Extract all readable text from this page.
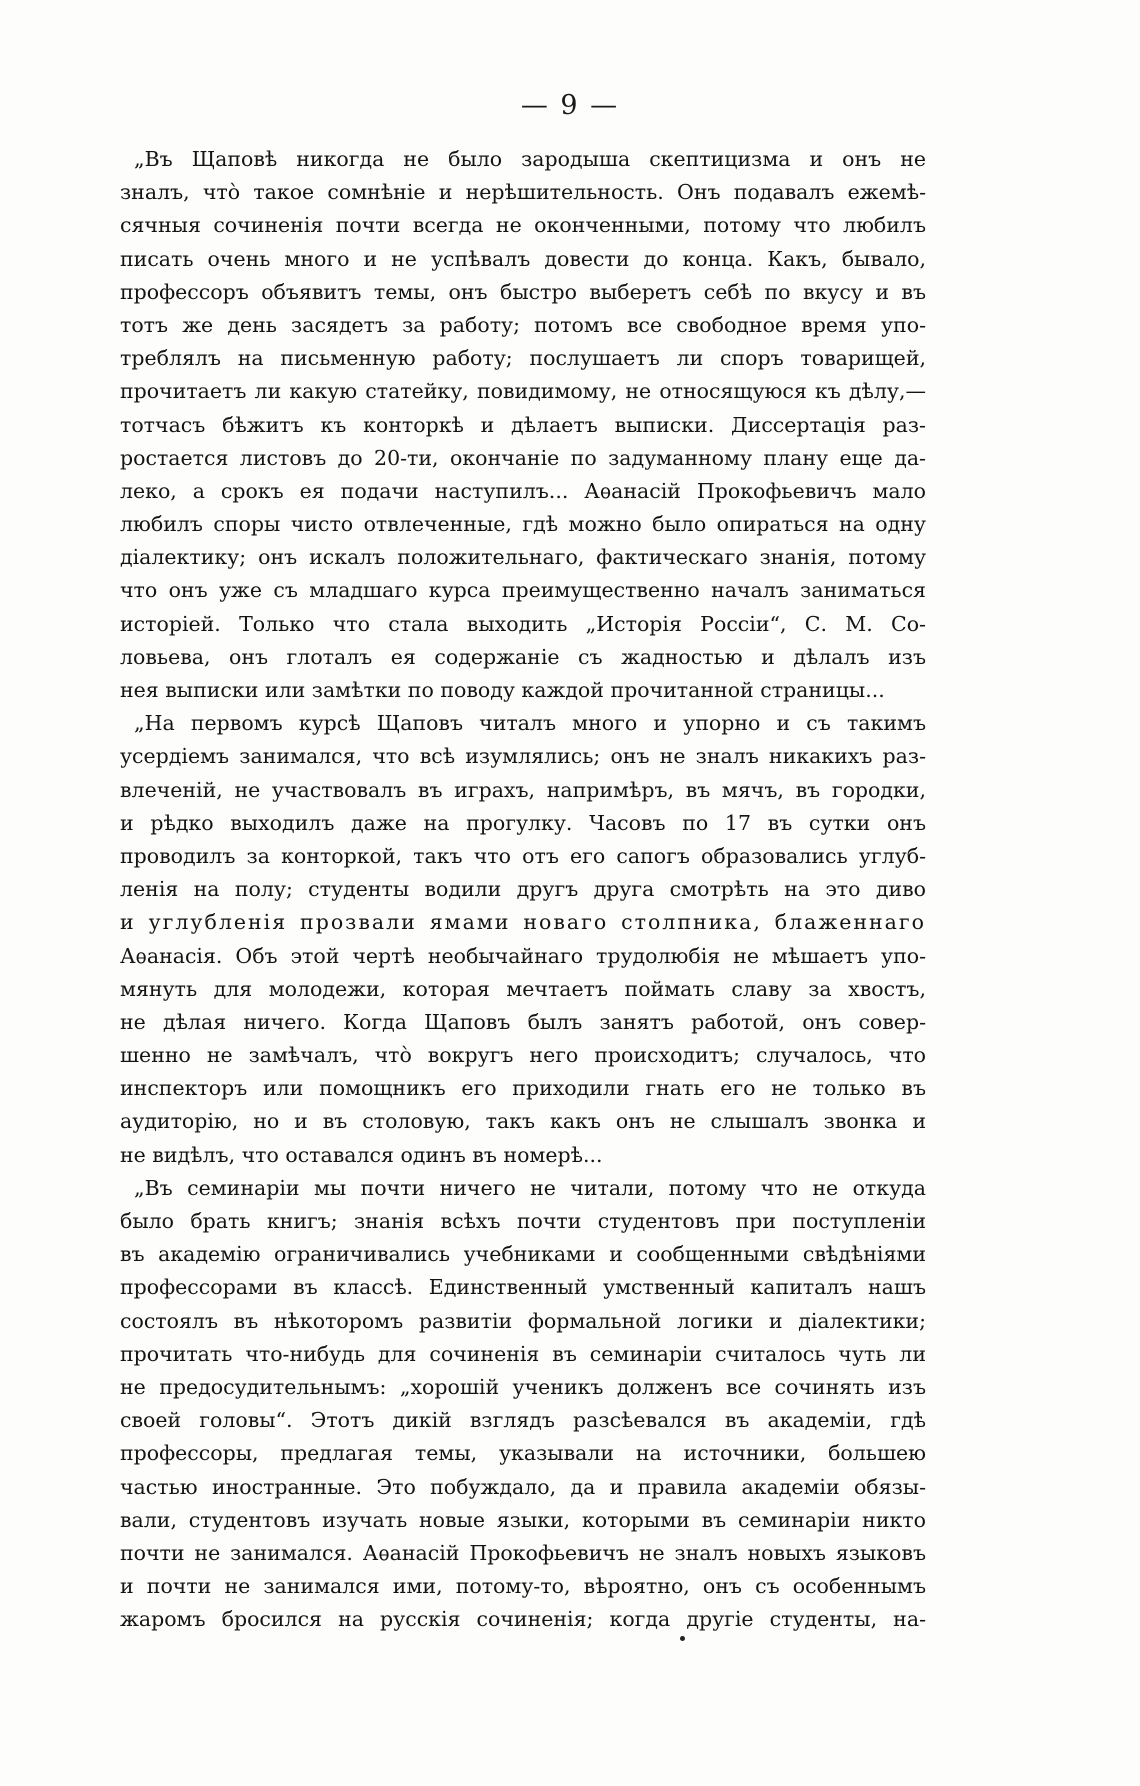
— 9 —
„Въ Щаповѣ никогда не было зародыша скептицизма и онъ не
зналъ, что̀ такое сомнѣніе и нерѣшительность. Онъ подавалъ ежемѣ-
сячныя сочиненія почти всегда не оконченными, потому что любилъ
писать очень много и не успѣвалъ довести до конца. Какъ, бывало,
профессоръ объявитъ темы, онъ быстро выберетъ себѣ по вкусу и въ
тотъ же день засядетъ за работу; потомъ все свободное время упо-
треблялъ на письменную работу; послушаетъ ли споръ товарищей,
прочитаетъ ли какую статейку, повидимому, не относящуюся къ дѣлу,—
тотчасъ бѣжитъ къ конторкѣ и дѣлаетъ выписки. Диссертація раз-
ростается листовъ до 20-ти, окончаніе по задуманному плану еще да-
леко, а срокъ ея подачи наступилъ... Аѳанасій Прокофьевичъ мало
любилъ споры чисто отвлеченные, гдѣ можно было опираться на одну
діалектику; онъ искалъ положительнаго, фактическаго знанія, потому
что онъ уже съ младшаго курса преимущественно началъ заниматься
исторіей. Только что стала выходить „Исторія Россіи“, С. М. Со-
ловьева, онъ глоталъ ея содержаніе съ жадностью и дѣлалъ изъ
нея выписки или замѣтки по поводу каждой прочитанной страницы...
„На первомъ курсѣ Щаповъ читалъ много и упорно и съ такимъ
усердіемъ занимался, что всѣ изумлялись; онъ не зналъ никакихъ раз-
влеченій, не участвовалъ въ играхъ, напримѣръ, въ мячъ, въ городки,
и рѣдко выходилъ даже на прогулку. Часовъ по 17 въ сутки онъ
проводилъ за конторкой, такъ что отъ его сапогъ образовались углуб-
ленія на полу; студенты водили другъ друга смотрѣть на это диво
и углубленія прозвали ямами новаго столпника, блаженнаго
Аѳанасія. Объ этой чертѣ необычайнаго трудолюбія не мѣшаетъ упо-
мянуть для молодежи, которая мечтаетъ поймать славу за хвостъ,
не дѣлая ничего. Когда Щаповъ былъ занятъ работой, онъ совер-
шенно не замѣчалъ, что̀ вокругъ него происходитъ; случалось, что
инспекторъ или помощникъ его приходили гнать его не только въ
аудиторію, но и въ столовую, такъ какъ онъ не слышалъ звонка и
не видѣлъ, что оставался одинъ въ номерѣ...
„Въ семинаріи мы почти ничего не читали, потому что не откуда
было брать книгъ; знанія всѣхъ почти студентовъ при поступленіи
въ академію ограничивались учебниками и сообщенными свѣдѣніями
профессорами въ классѣ. Единственный умственный капиталъ нашъ
состоялъ въ нѣкоторомъ развитіи формальной логики и діалектики;
прочитать что-нибудь для сочиненія въ семинаріи считалось чуть ли
не предосудительнымъ: „хорошій ученикъ долженъ все сочинять изъ
своей головы“. Этотъ дикій взглядъ разсѣевался въ академіи, гдѣ
профессоры, предлагая темы, указывали на источники, большею
частью иностранные. Это побуждало, да и правила академіи обязы-
вали, студентовъ изучать новые языки, которыми въ семинаріи никто
почти не занимался. Аѳанасій Прокофьевичъ не зналъ новыхъ языковъ
и почти не занимался ими, потому-то, вѣроятно, онъ съ особеннымъ
жаромъ бросился на русскія сочиненія; когда другіе студенты, на-
